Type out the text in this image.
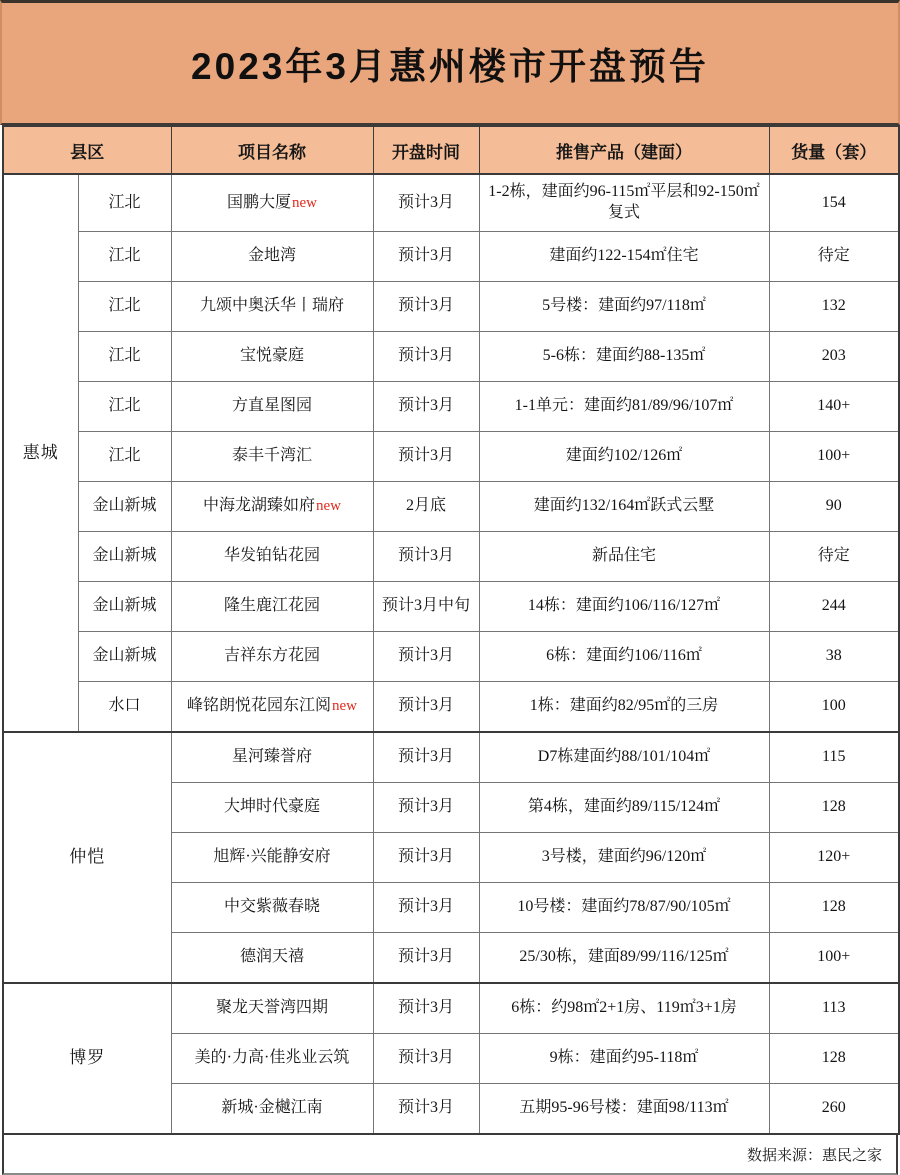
2023年3月惠州楼市开盘预告
县区		项目名称	开盘时间	推售产品（建面）	货量（套）
惠城	江北	国鹏大厦new	预计3月	1-2栋，建面约96-115㎡平层和92-150㎡复式	154
	江北	金地湾	预计3月	建面约122-154㎡住宅	待定
	江北	九颂中奥沃华丨瑞府	预计3月	5号楼：建面约97/118㎡	132
	江北	宝悦豪庭	预计3月	5-6栋：建面约88-135㎡	203
	江北	方直星图园	预计3月	1-1单元：建面约81/89/96/107㎡	140+
	江北	泰丰千湾汇	预计3月	建面约102/126㎡	100+
	金山新城	中海龙湖臻如府new	2月底	建面约132/164㎡跃式云墅	90
	金山新城	华发铂钻花园	预计3月	新品住宅	待定
	金山新城	隆生鹿江花园	预计3月中旬	14栋：建面约106/116/127㎡	244
	金山新城	吉祥东方花园	预计3月	6栋：建面约106/116㎡	38
	水口	峰铭朗悦花园东江阅new	预计3月	1栋：建面约82/95㎡的三房	100
仲恺		星河臻誉府	预计3月	D7栋建面约88/101/104㎡	115
		大坤时代豪庭	预计3月	第4栋，建面约89/115/124㎡	128
		旭辉·兴能静安府	预计3月	3号楼，建面约96/120㎡	120+
		中交紫薇春晓	预计3月	10号楼：建面约78/87/90/105㎡	128
		德润天禧	预计3月	25/30栋，建面89/99/116/125㎡	100+
博罗		聚龙天誉湾四期	预计3月	6栋：约98㎡2+1房、119㎡3+1房	113
		美的·力高·佳兆业云筑	预计3月	9栋：建面约95-118㎡	128
		新城·金樾江南	预计3月	五期95-96号楼：建面98/113㎡	260
数据来源：惠民之家
